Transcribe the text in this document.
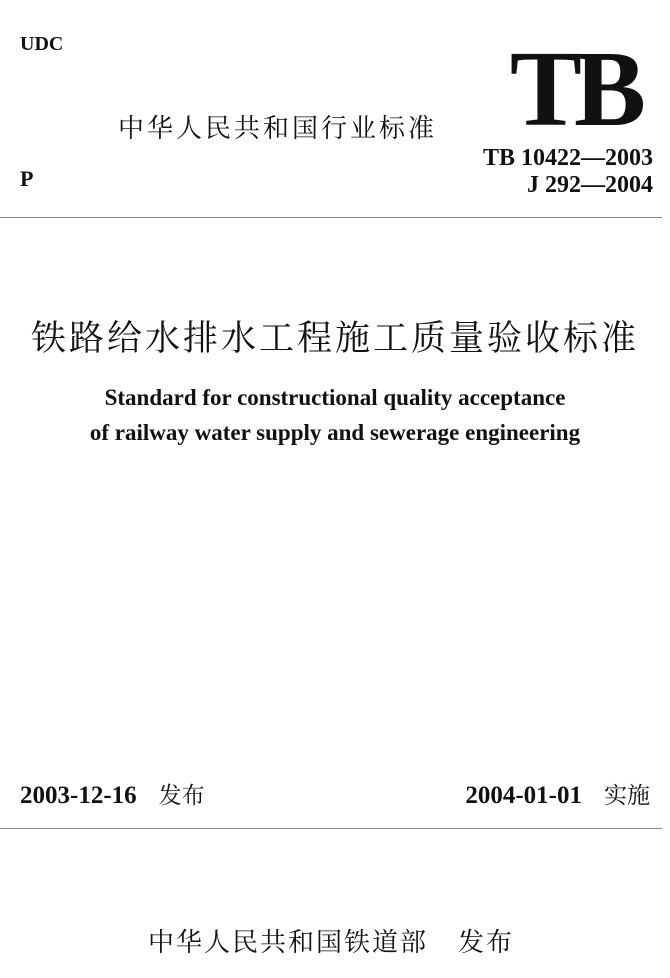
UDC	TB
中华人民共和国行业标准
P
TB 10422—2003
J 292—2004
铁路给水排水工程施工质量验收标准
Standard for constructional quality acceptance
of railway water supply and sewerage engineering
2003-12-16 发布	2004-01-01 实施
中华人民共和国铁道部 发布
